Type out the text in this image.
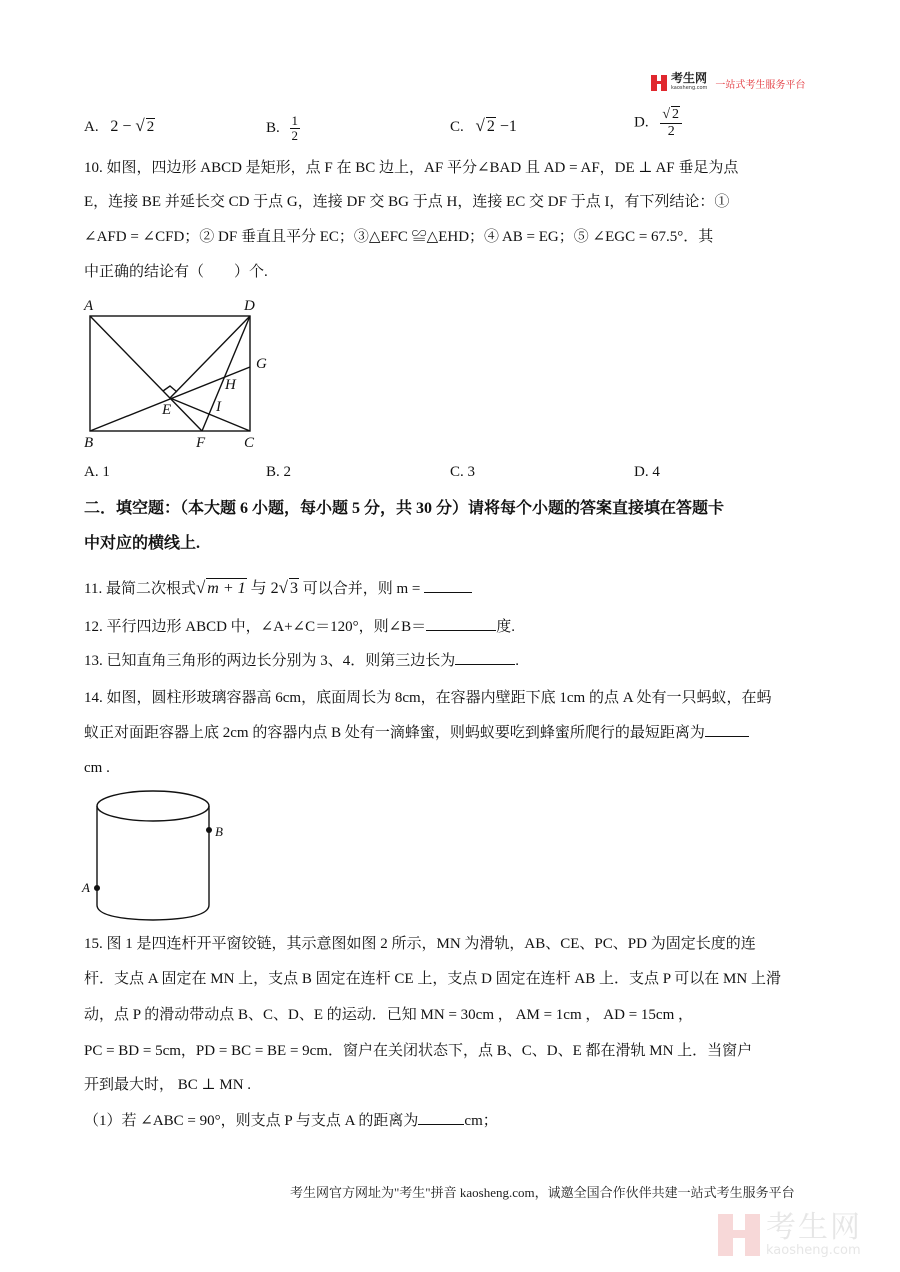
考生网
kaosheng.com 一站式考生服务平台
A. 2 − √ 2	B. $\frac{1}{2}$	C. √ 2 −1	D. $\frac{√ 2}{2}$
10. 如图，四边形 ABCD 是矩形，点 F 在 BC 边上，AF 平分∠BAD 且 AD = AF，DE ⊥ AF 垂足为点
E，连接 BE 并延长交 CD 于点 G，连接 DF 交 BG 于点 H，连接 EC 交 DF 于点 I，有下列结论：①
∠AFD = ∠CFD；② DF 垂直且平分 EC；③△EFC ≌△EHD；④ AB = EG；⑤ ∠EGC = 67.5°．其
中正确的结论有（　　）个.
A	D
G
H
E	I
B	F	C
A. 1	B. 2	C. 3	D. 4
二．填空题：（本大题 6 小题，每小题 5 分，共 30 分）请将每个小题的答案直接填在答题卡
中对应的横线上.
11. 最简二次根式√ m + 1 与 2√ 3 可以合并，则 m =
12. 平行四边形 ABCD 中，∠A+∠C＝120°，则∠B＝	度.
13. 已知直角三角形的两边长分别为 3、4．则第三边长为	.
14. 如图，圆柱形玻璃容器高 6cm，底面周长为 8cm，在容器内壁距下底 1cm 的点 A 处有一只蚂蚁，在蚂
蚁正对面距容器上底 2cm 的容器内点 B 处有一滴蜂蜜，则蚂蚁要吃到蜂蜜所爬行的最短距离为
cm .
B
A
15. 图 1 是四连杆开平窗铰链，其示意图如图 2 所示，MN 为滑轨，AB、CE、PC、PD 为固定长度的连
杆．支点 A 固定在 MN 上，支点 B 固定在连杆 CE 上，支点 D 固定在连杆 AB 上．支点 P 可以在 MN 上滑
动，点 P 的滑动带动点 B、C、D、E 的运动．已知 MN = 30cm ， AM = 1cm ， AD = 15cm ，
PC = BD = 5cm，PD = BC = BE = 9cm．窗户在关闭状态下，点 B、C、D、E 都在滑轨 MN 上．当窗户
开到最大时， BC ⊥ MN .
（1）若 ∠ABC = 90°，则支点 P 与支点 A 的距离为	cm；
考生网官方网址为"考生"拼音 kaosheng.com，诚邀全国合作伙伴共建一站式考生服务平台
考生网
kaosheng.com
